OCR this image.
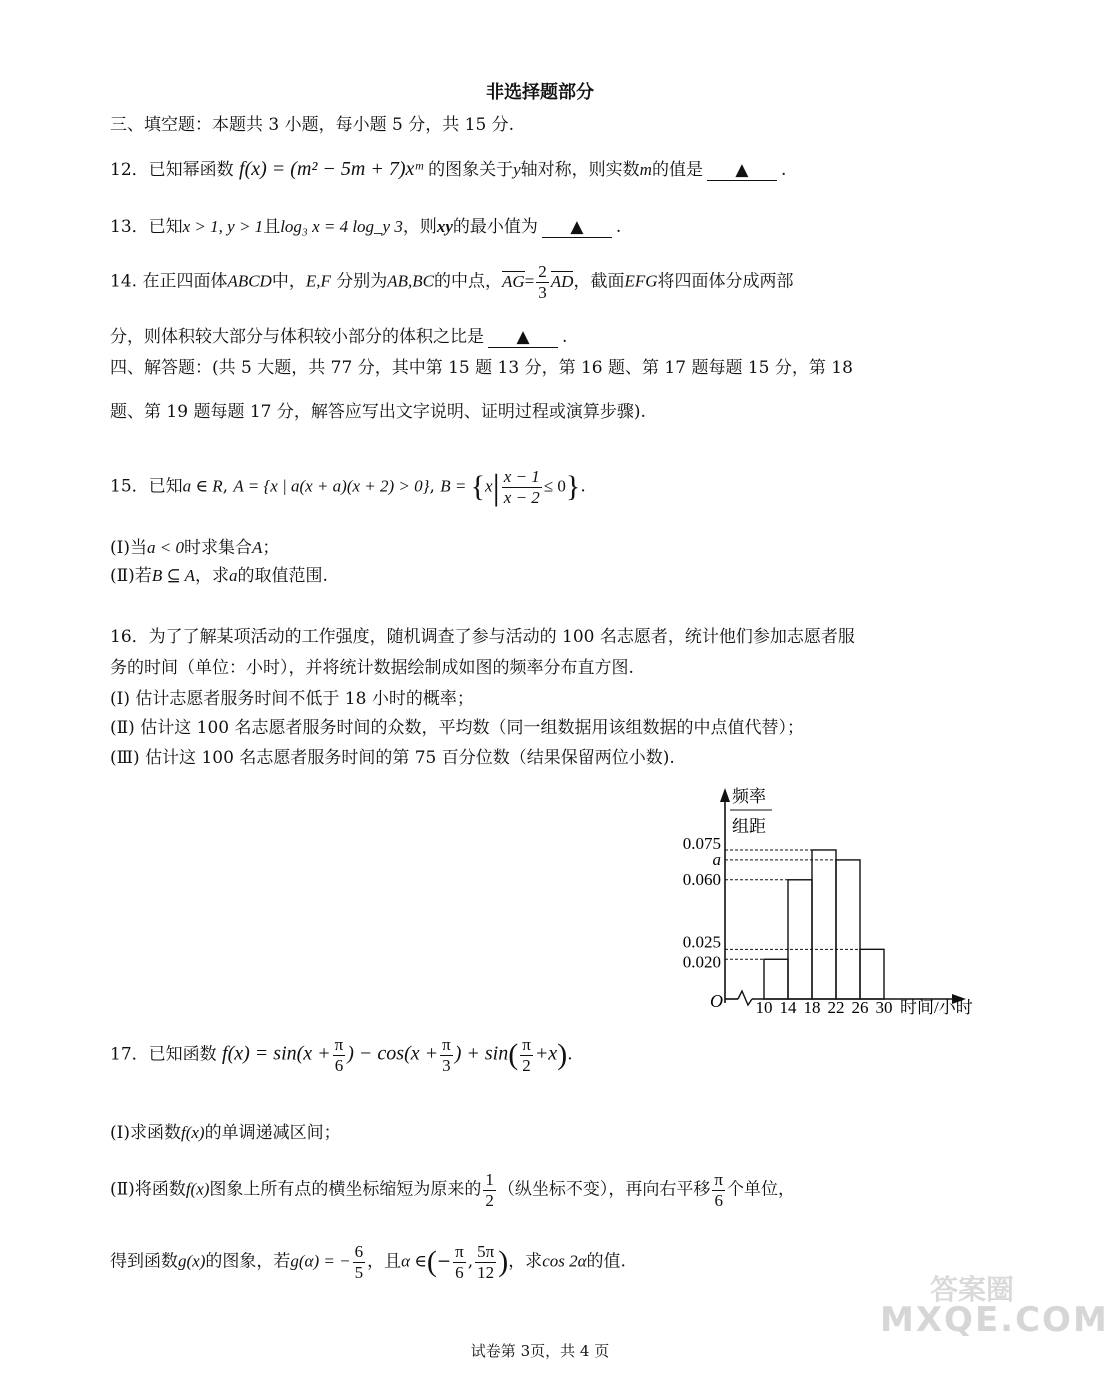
非选择题部分
三、填空题：本题共 3 小题，每小题 5 分，共 15 分.
12．已知幂函数 f(x) = (m² − 5m + 7)xᵐ 的图象关于y轴对称，则实数m的值是 ▲ .
13．已知x > 1, y > 1且log₃ x = 4 log_y 3，则xy的最小值为 ▲ .
14. 在正四面体ABCD中，E,F 分别为AB,BC的中点，$AG= \frac{2}{3}$ AD，截面EFG将四面体分成两部
分，则体积较大部分与体积较小部分的体积之比是 ▲ .
四、解答题：(共 5 大题，共 77 分，其中第 15 题 13 分，第 16 题、第 17 题每题 15 分，第 18
题、第 19 题每题 17 分，解答应写出文字说明、证明过程或演算步骤).
15．已知a ∈ R, A = {x | a(x + a)(x + 2) > 0}, $B = \{x| \frac{x - 1}{x - 2} \le 0\}$.
(Ⅰ)当a < 0时求集合A；
(Ⅱ)若B ⊆ A，求a的取值范围.
16．为了了解某项活动的工作强度，随机调查了参与活动的 100 名志愿者，统计他们参加志愿者服
务的时间（单位：小时），并将统计数据绘制成如图的频率分布直方图.
(Ⅰ) 估计志愿者服务时间不低于 18 小时的概率；
(Ⅱ) 估计这 100 名志愿者服务时间的众数，平均数（同一组数据用该组数据的中点值代替）；
(Ⅲ) 估计这 100 名志愿者服务时间的第 75 百分位数（结果保留两位小数).
频率
组距
0.075
a
0.060
0.025
0.020
O 10 14 18 22 26 30 时间/小时
17．已知函数 $f(x) = \sin(x + \frac{\pi}{6}$ ) − $\cos(x + \frac{\pi}{3}$ ) + $\sin( \frac{\pi}{2} +x)$.
(Ⅰ)求函数f(x)的单调递减区间；
(Ⅱ)将函数f(x)图象上所有点的横坐标缩短为原来的 $\frac{1}{2}$ （纵坐标不变），再向右平移 $\frac{\pi}{6}$ 个单位，
得到函数g(x)的图象，若g(α) = − $\frac{6}{5}$ ，且α ∈(− $\frac{\pi}{6}$ , $\frac{5\pi}{12}$ )，求cos 2α的值.
答案圈
MXQE.COM
试卷第 3页，共 4 页
